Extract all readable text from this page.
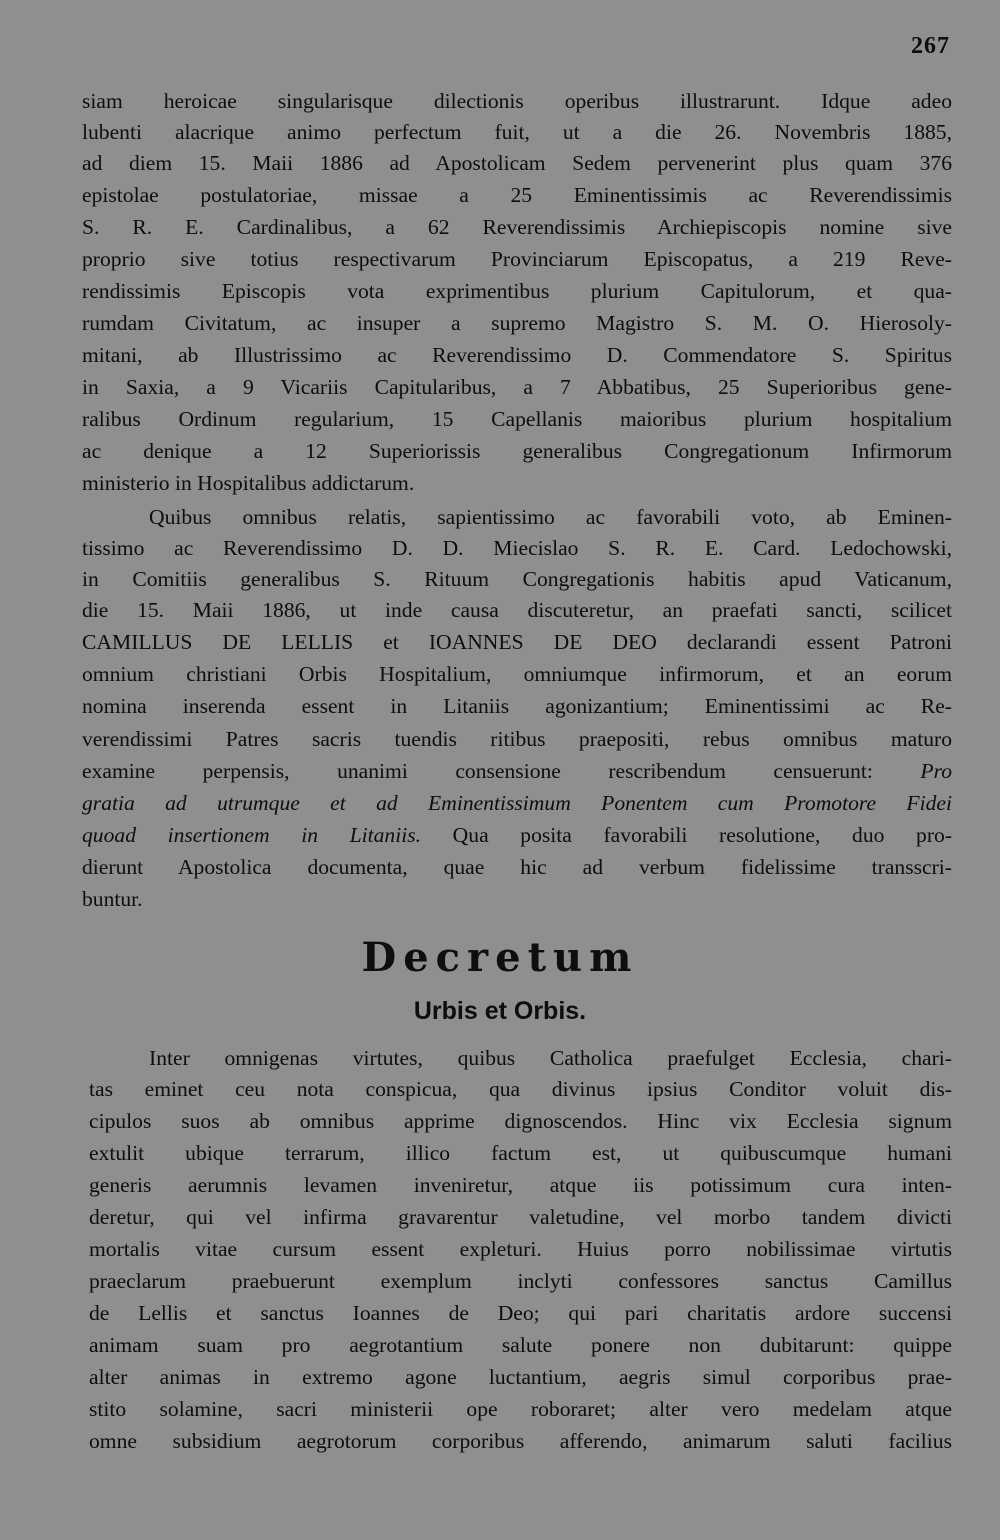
267
siam heroicae singularisque dilectionis operibus illustrarunt. Idque adeo
lubenti alacrique animo perfectum fuit, ut a die 26. Novembris 1885,
ad diem 15. Maii 1886 ad Apostolicam Sedem pervenerint plus quam 376
epistolae postulatoriae, missae a 25 Eminentissimis ac Reverendissimis
S. R. E. Cardinalibus, a 62 Reverendissimis Archiepiscopis nomine sive
proprio sive totius respectivarum Provinciarum Episcopatus, a 219 Reve-
rendissimis Episcopis vota exprimentibus plurium Capitulorum, et qua-
rumdam Civitatum, ac insuper a supremo Magistro S. M. O. Hierosoly-
mitani, ab Illustrissimo ac Reverendissimo D. Commendatore S. Spiritus
in Saxia, a 9 Vicariis Capitularibus, a 7 Abbatibus, 25 Superioribus gene-
ralibus Ordinum regularium, 15 Capellanis maioribus plurium hospitalium
ac denique a 12 Superiorissis generalibus Congregationum Infirmorum
ministerio in Hospitalibus addictarum.
Quibus omnibus relatis, sapientissimo ac favorabili voto, ab Eminen-
tissimo ac Reverendissimo D. D. Miecislao S. R. E. Card. Ledochowski,
in Comitiis generalibus S. Rituum Congregationis habitis apud Vaticanum,
die 15. Maii 1886, ut inde causa discuteretur, an praefati sancti, scilicet
CAMILLUS DE LELLIS et IOANNES DE DEO declarandi essent Patroni
omnium christiani Orbis Hospitalium, omniumque infirmorum, et an eorum
nomina inserenda essent in Litaniis agonizantium; Eminentissimi ac Re-
verendissimi Patres sacris tuendis ritibus praepositi, rebus omnibus maturo
examine perpensis, unanimi consensione rescribendum censuerunt: Pro
gratia ad utrumque et ad Eminentissimum Ponentem cum Promotore Fidei
quoad insertionem in Litaniis. Qua posita favorabili resolutione, duo pro-
dierunt Apostolica documenta, quae hic ad verbum fidelissime transscri-
buntur.
Decretum
Urbis et Orbis.
Inter omnigenas virtutes, quibus Catholica praefulget Ecclesia, chari-
tas eminet ceu nota conspicua, qua divinus ipsius Conditor voluit dis-
cipulos suos ab omnibus apprime dignoscendos. Hinc vix Ecclesia signum
extulit ubique terrarum, illico factum est, ut quibuscumque humani
generis aerumnis levamen inveniretur, atque iis potissimum cura inten-
deretur, qui vel infirma gravarentur valetudine, vel morbo tandem divicti
mortalis vitae cursum essent expleturi. Huius porro nobilissimae virtutis
praeclarum praebuerunt exemplum inclyti confessores sanctus Camillus
de Lellis et sanctus Ioannes de Deo; qui pari charitatis ardore succensi
animam suam pro aegrotantium salute ponere non dubitarunt: quippe
alter animas in extremo agone luctantium, aegris simul corporibus prae-
stito solamine, sacri ministerii ope roboraret; alter vero medelam atque
omne subsidium aegrotorum corporibus afferendo, animarum saluti facilius
